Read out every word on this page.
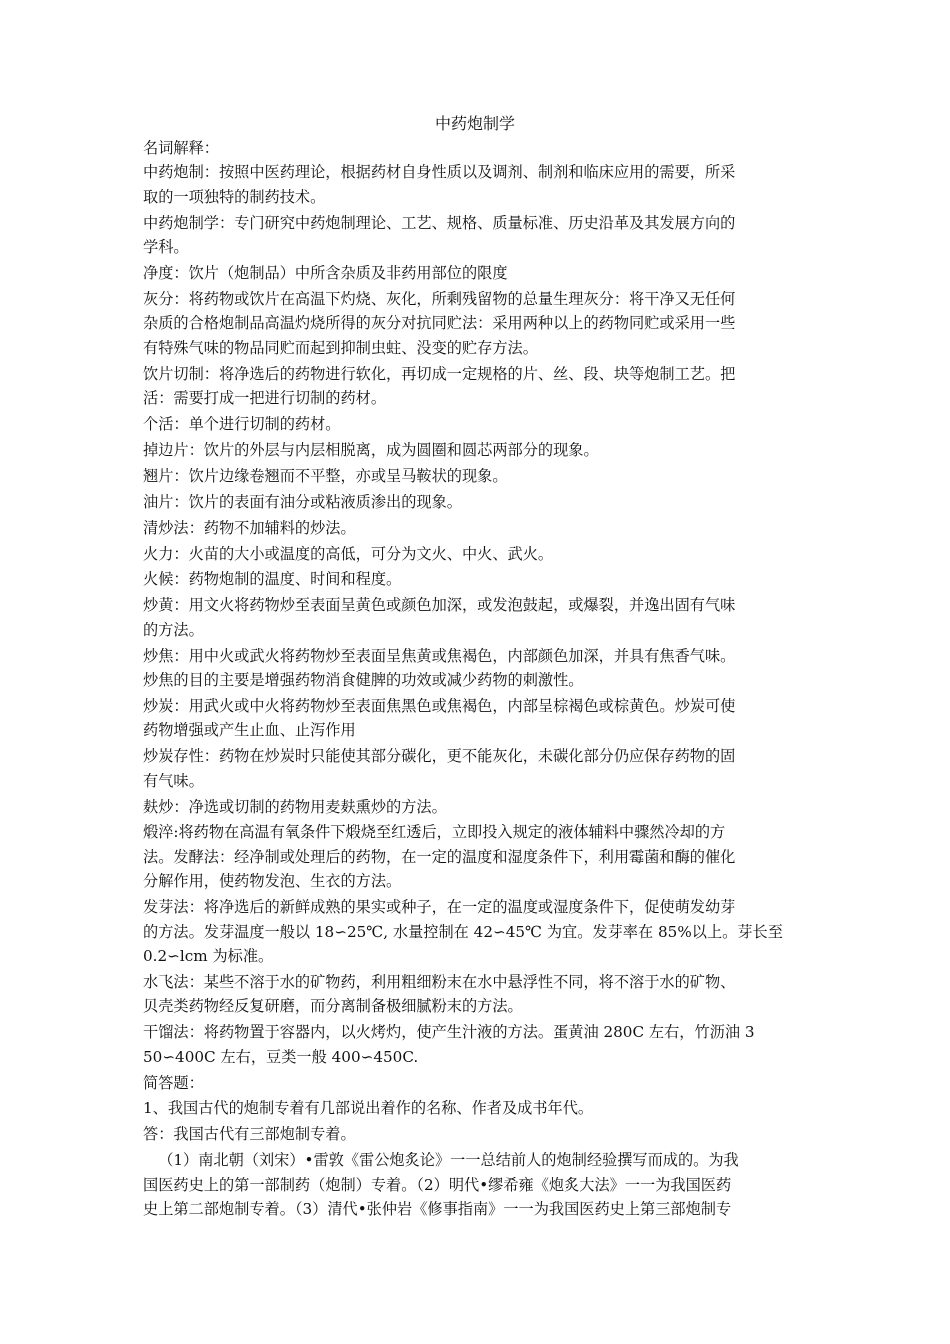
中药炮制学

名词解释：

中药炮制：按照中医药理论，根据药材自身性质以及调剂、制剂和临床应用的需要，所采

取的一项独特的制药技术。

中药炮制学：专门研究中药炮制理论、工艺、规格、质量标准、历史沿革及其发展方向的

学科。

净度：饮片（炮制品）中所含杂质及非药用部位的限度

灰分：将药物或饮片在高温下灼烧、灰化，所剩残留物的总量生理灰分：将干净又无任何

杂质的合格炮制品高温灼烧所得的灰分对抗同贮法：采用两种以上的药物同贮或采用一些

有特殊气味的物品同贮而起到抑制虫蛀、没变的贮存方法。

饮片切制：将净选后的药物进行软化，再切成一定规格的片、丝、段、块等炮制工艺。把

活：需要打成一把进行切制的药材。

个活：单个进行切制的药材。

掉边片：饮片的外层与内层相脱离，成为圆圈和圆芯两部分的现象。

翘片：饮片边缘卷翘而不平整，亦或呈马鞍状的现象。

油片：饮片的表面有油分或粘液质渗出的现象。

清炒法：药物不加辅料的炒法。

火力：火苗的大小或温度的高低，可分为文火、中火、武火。

火候：药物炮制的温度、时间和程度。

炒黄：用文火将药物炒至表面呈黄色或颜色加深，或发泡鼓起，或爆裂，并逸出固有气味

的方法。

炒焦：用中火或武火将药物炒至表面呈焦黄或焦褐色，内部颜色加深，并具有焦香气味。

炒焦的目的主要是增强药物消食健脾的功效或减少药物的刺激性。

炒炭：用武火或中火将药物炒至表面焦黑色或焦褐色，内部呈棕褐色或棕黄色。炒炭可使

药物增强或产生止血、止泻作用

炒炭存性：药物在炒炭时只能使其部分碳化，更不能灰化，未碳化部分仍应保存药物的固

有气味。

麸炒：净选或切制的药物用麦麸熏炒的方法。

煅淬:将药物在高温有氧条件下煅烧至红透后，立即投入规定的液体辅料中骤然冷却的方

法。发酵法：经净制或处理后的药物，在一定的温度和湿度条件下，利用霉菌和酶的催化

分解作用，使药物发泡、生衣的方法。

发芽法：将净选后的新鲜成熟的果实或种子，在一定的温度或湿度条件下，促使萌发幼芽

的方法。发芽温度一般以 18∽25℃, 水量控制在 42∽45℃ 为宜。发芽率在 85%以上。芽长至

0.2∽lcm 为标准。

水飞法：某些不溶于水的矿物药，利用粗细粉末在水中悬浮性不同，将不溶于水的矿物、

贝壳类药物经反复研磨，而分离制备极细腻粉末的方法。

干馏法：将药物置于容器内，以火烤灼，使产生汁液的方法。蛋黄油 280C 左右，竹沥油 3

50∽400C 左右，豆类一般 400∽450C.

简答题：

1、我国古代的炮制专着有几部说出着作的名称、作者及成书年代。

答：我国古代有三部炮制专着。

（1）南北朝（刘宋）•雷敦《雷公炮炙论》一一总结前人的炮制经验撰写而成的。为我

国医药史上的第一部制药（炮制）专着。（2）明代•缪希雍《炮炙大法》一一为我国医药

史上第二部炮制专着。（3）清代•张仲岩《修事指南》一一为我国医药史上第三部炮制专
